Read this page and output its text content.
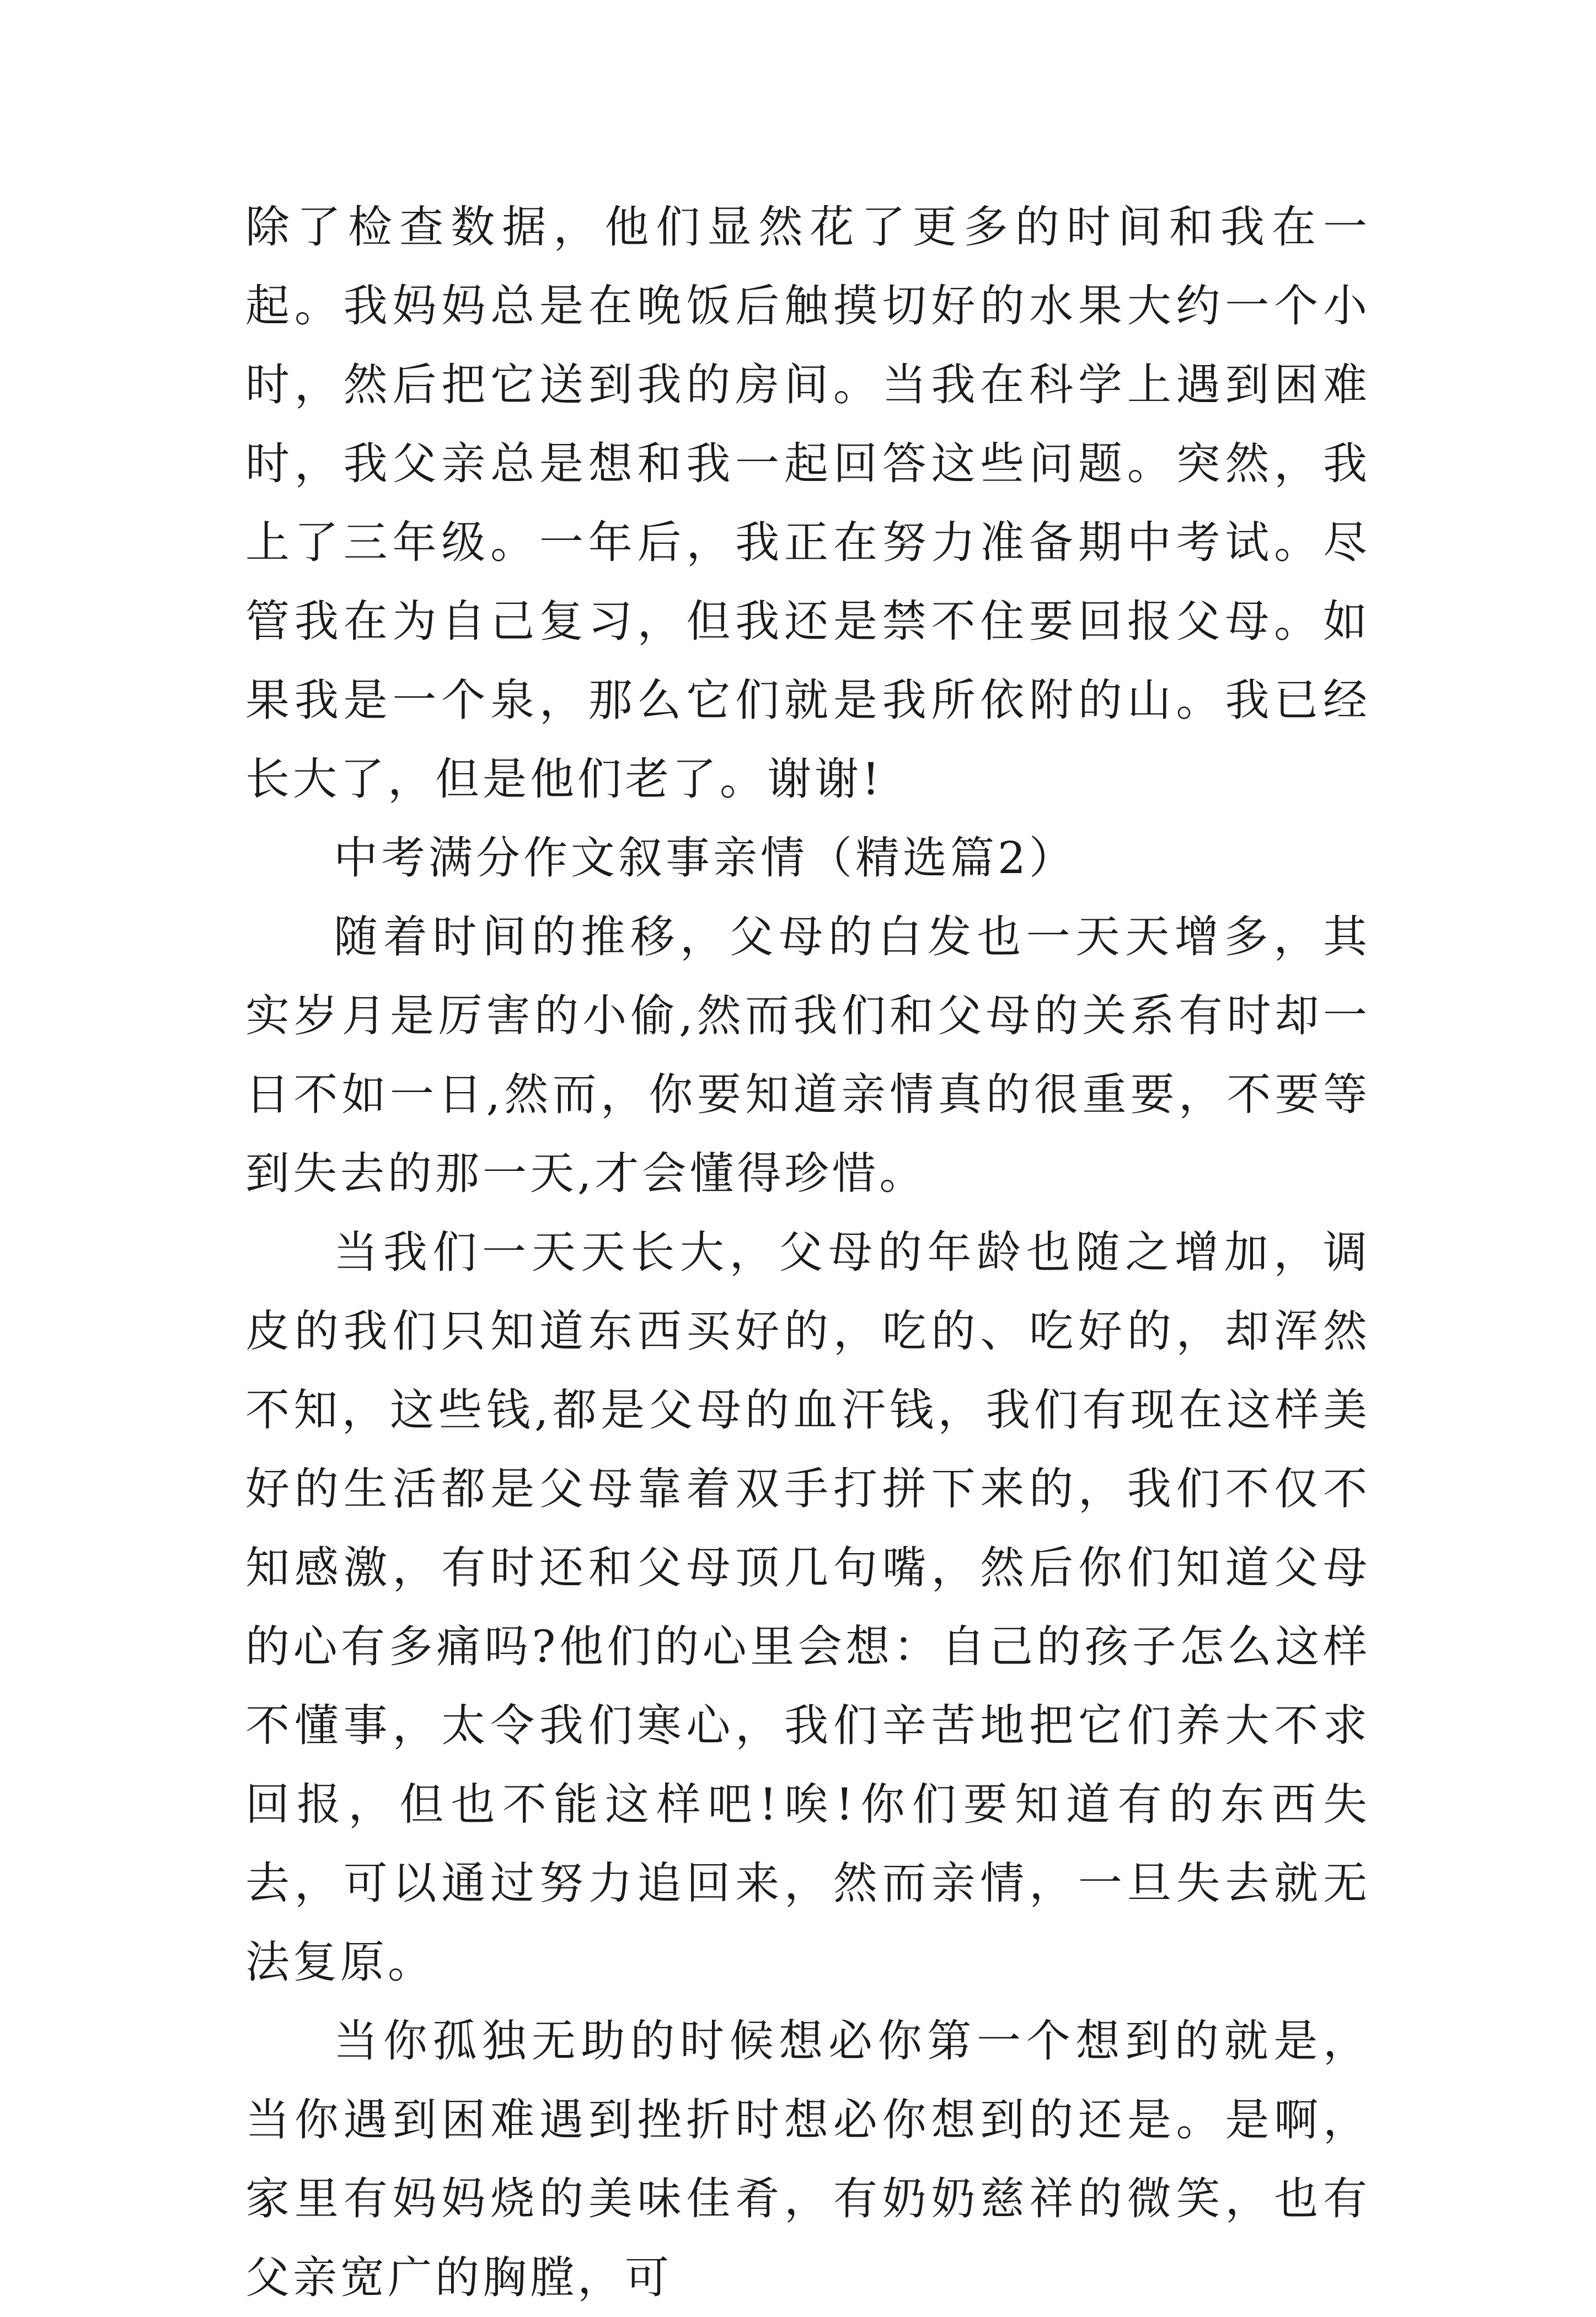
除了检查数据，他们显然花了更多的时间和我在一起。我妈妈总是在晚饭后触摸切好的水果大约一个小时，然后把它送到我的房间。当我在科学上遇到困难时，我父亲总是想和我一起回答这些问题。突然，我上了三年级。一年后，我正在努力准备期中考试。尽管我在为自己复习，但我还是禁不住要回报父母。如果我是一个泉，那么它们就是我所依附的山。我已经长大了，但是他们老了。谢谢!

中考满分作文叙事亲情（精选篇2）

随着时间的推移，父母的白发也一天天增多，其实岁月是厉害的小偷,然而我们和父母的关系有时却一日不如一日,然而，你要知道亲情真的很重要，不要等到失去的那一天,才会懂得珍惜。

当我们一天天长大，父母的年龄也随之增加，调皮的我们只知道东西买好的，吃的、吃好的，却浑然不知，这些钱,都是父母的血汗钱，我们有现在这样美好的生活都是父母靠着双手打拼下来的，我们不仅不知感激，有时还和父母顶几句嘴，然后你们知道父母的心有多痛吗?他们的心里会想：自己的孩子怎么这样不懂事，太令我们寒心，我们辛苦地把它们养大不求回报，但也不能这样吧!唉!你们要知道有的东西失去，可以通过努力追回来，然而亲情，一旦失去就无法复原。

当你孤独无助的时候想必你第一个想到的就是，当你遇到困难遇到挫折时想必你想到的还是。是啊，家里有妈妈烧的美味佳肴，有奶奶慈祥的微笑，也有父亲宽广的胸膛，可
